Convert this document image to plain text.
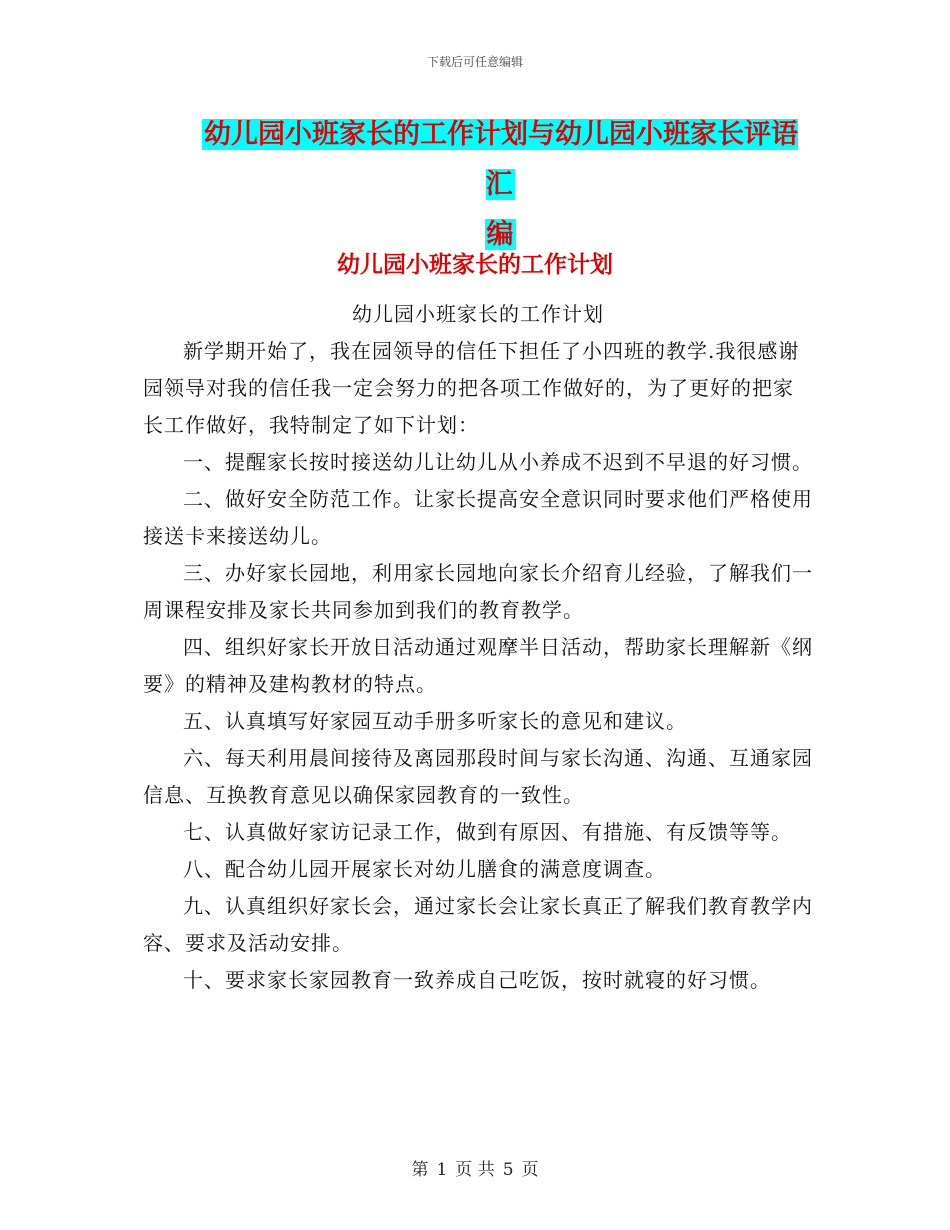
下载后可任意编辑
幼儿园小班家长的工作计划与幼儿园小班家长评语汇
编
幼儿园小班家长的工作计划

幼儿园小班家长的工作计划

新学期开始了，我在园领导的信任下担任了小四班的教学.我很感谢园领导对我的信任我一定会努力的把各项工作做好的，为了更好的把家长工作做好，我特制定了如下计划：

一、提醒家长按时接送幼儿让幼儿从小养成不迟到不早退的好习惯。

二、做好安全防范工作。让家长提高安全意识同时要求他们严格使用接送卡来接送幼儿。

三、办好家长园地，利用家长园地向家长介绍育儿经验，了解我们一周课程安排及家长共同参加到我们的教育教学。

四、组织好家长开放日活动通过观摩半日活动，帮助家长理解新《纲要》的精神及建构教材的特点。

五、认真填写好家园互动手册多听家长的意见和建议。

六、每天利用晨间接待及离园那段时间与家长沟通、沟通、互通家园信息、互换教育意见以确保家园教育的一致性。

七、认真做好家访记录工作，做到有原因、有措施、有反馈等等。

八、配合幼儿园开展家长对幼儿膳食的满意度调查。

九、认真组织好家长会，通过家长会让家长真正了解我们教育教学内容、要求及活动安排。

十、要求家长家园教育一致养成自己吃饭，按时就寝的好习惯。

第 1 页 共 5 页
